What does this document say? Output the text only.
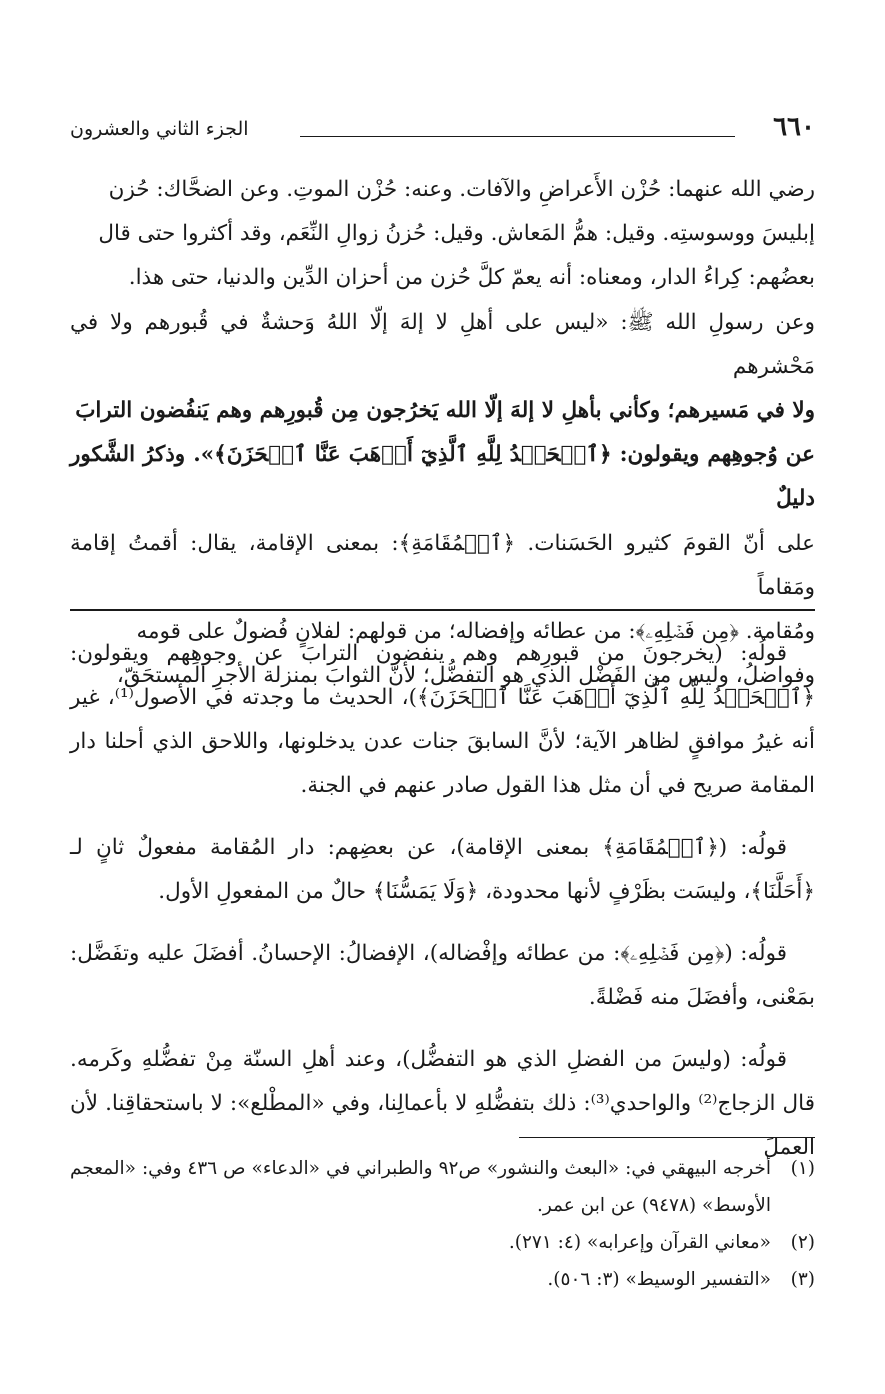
٦٦٠
الجزء الثاني والعشرون

رضي الله عنهما: حُزْن الأَعراضِ والآفات. وعنه: حُزْن الموتِ. وعن الضحَّاك: حُزن

إبليسَ ووسوستِه. وقيل: همُّ المَعاش. وقيل: حُزنُ زوالِ النِّعَم، وقد أكثروا حتى قال

بعضُهم: كِراءُ الدار، ومعناه: أنه يعمّ كلَّ حُزن من أحزان الدِّين والدنيا، حتى هذا.

وعن رسولِ الله ﷺ: «ليس على أهلِ لا إلهَ إلّا اللهُ وَحشةٌ في قُبورهم ولا في مَحْشرهم

ولا في مَسيرهم؛ وكأني بأهلِ لا إلهَ إلّا الله يَخرُجون مِن قُبورِهم وهم يَنفُضون الترابَ

عن وُجوهِهم ويقولون: ﴿ٱلۡحَمۡدُ لِلَّهِ ٱلَّذِيٓ أَذۡهَبَ عَنَّا ٱلۡحَزَنَ﴾». وذكرُ الشَّكور دليلٌ

على أنّ القومَ كثيرو الحَسَنات. ﴿ٱلۡمُقَامَةِ﴾: بمعنى الإقامة، يقال: أقمتُ إقامة ومَقاماً

ومُقامة. ﴿مِن فَضۡلِهِۦ﴾: من عطائه وإفضاله؛ من قولهم: لفلانٍ فُضولٌ على قومه

وفواضلُ، وليس من الفَضْل الذي هو التفضُّل؛ لأنّ الثوابَ بمنزلة الأجرِ المستحَقّ،

قولُه: (يخرجونَ من قبورِهم وهم ينفضون الترابَ عن وجوهِهم ويقولون: ﴿ٱلۡحَمۡدُ لِلَّهِ ٱلَّذِيٓ أَذۡهَبَ عَنَّا ٱلۡحَزَنَ﴾)، الحديث ما وجدته في الأصول⁽¹⁾، غير أنه غيرُ موافقٍ لظاهر الآية؛ لأنَّ السابقَ جنات عدن يدخلونها، واللاحق الذي أحلنا دار المقامة صريح في أن مثل هذا القول صادر عنهم في الجنة.

قولُه: (﴿ٱلۡمُقَامَةِ﴾ بمعنى الإقامة)، عن بعضِهم: دار المُقامة مفعولٌ ثانٍ لـ ﴿أَحَلَّنَا﴾، وليسَت بظَرْفٍ لأنها محدودة، ﴿وَلَا يَمَسُّنَا﴾ حالٌ من المفعولِ الأول.

قولُه: (﴿مِن فَضۡلِهِۦ﴾: من عطائه وإفْضاله)، الإفضالُ: الإحسانُ. أفضَلَ عليه وتفَضَّل: بمَعْنى، وأفضَلَ منه فَضْلةً.

قولُه: (وليسَ من الفضلِ الذي هو التفضُّل)، وعند أهلِ السنّة مِنْ تفضُّلهِ وكَرمه. قال الزجاج⁽²⁾ والواحدي⁽³⁾: ذلك بتفضُّلهِ لا بأعمالِنا، وفي «المطْلع»: لا باستحقاقِنا. لأن العملَ

(١)
أخرجه البيهقي في: «البعث والنشور» ص٩٢ والطبراني في «الدعاء» ص ٤٣٦ وفي: «المعجم الأوسط» (٩٤٧٨) عن ابن عمر.
(٢)
«معاني القرآن وإعرابه» (٤: ٢٧١).
(٣)
«التفسير الوسيط» (٣: ٥٠٦).
